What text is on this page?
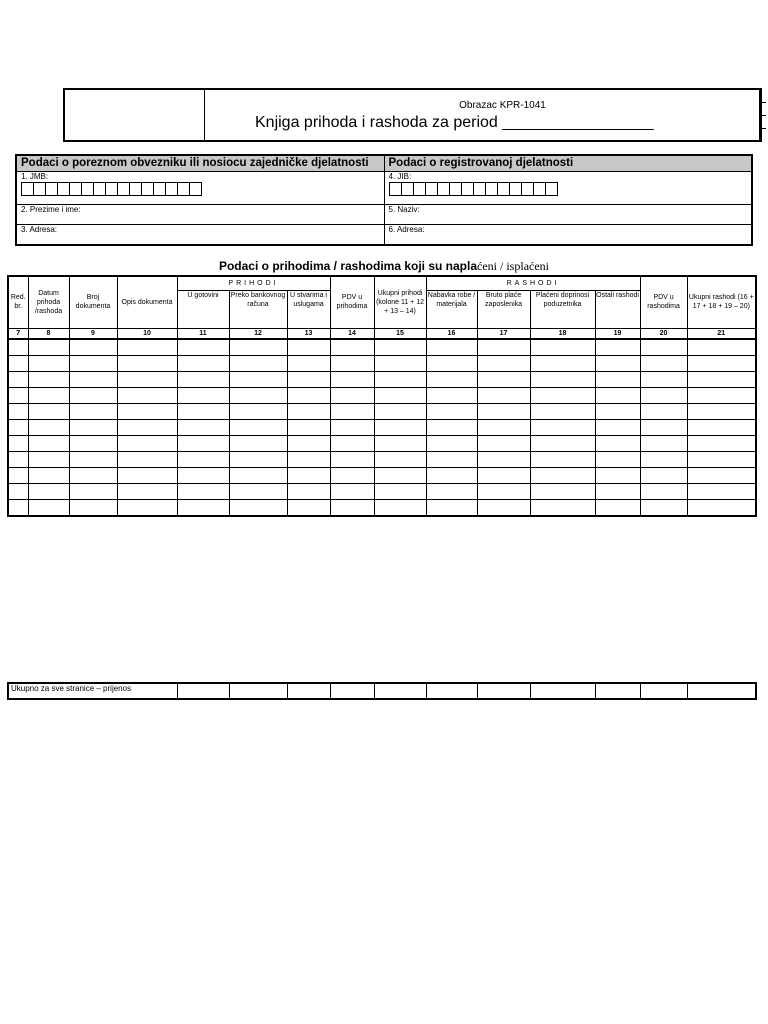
Obrazac KPR-1041
Knjiga prihoda i rashoda za period _________________
Podaci o poreznom obvezniku ili nosiocu zajedničke djelatnosti
1. JMB:
2. Prezime i ime:
3. Adresa:
Podaci o registrovanoj djelatnosti
4. JIB:
5. Naziv:
6. Adresa:
Podaci o prihodima / rashodima koji su naplaćeni / isplaćeni
Red. br.	Datum prihoda /rashoda	Broj dokumenta	Opis dokumenta	PRIHODI			PDV u prihodima	Ukupni prihodi (kolone 11 + 12 + 13 – 14)	RASHODI				PDV u rashodima	Ukupni rashodi (16 + 17 + 18 + 19 – 20)
				U gotovini	Preko bankovnog računa	U stvarima i uslugama			Nabavka robe / materijala	Bruto plaće zaposlenika	Plaćeni doprinosi poduzetnika	Ostali rashodi		
7	8	9	10	11	12	13	14	15	16	17	18	19	20	21

Ukupno za sve stranice – prijenos											
